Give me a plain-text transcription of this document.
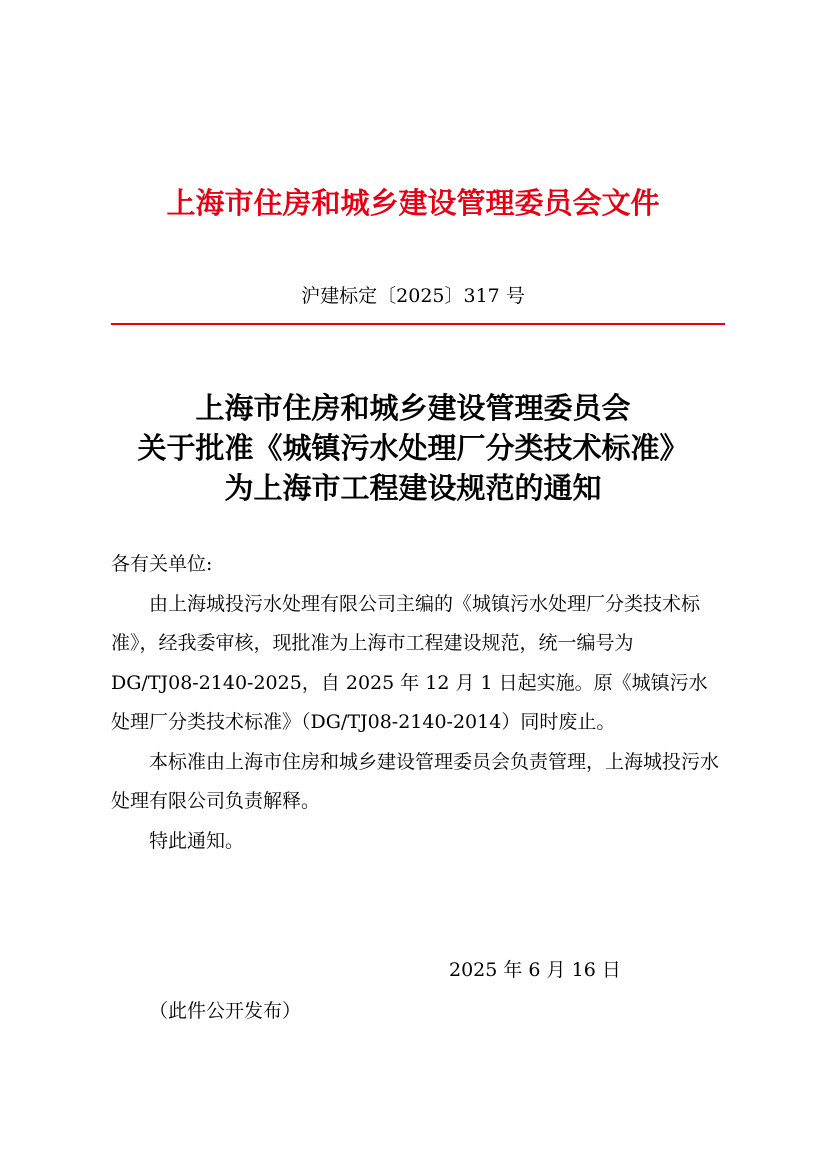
上海市住房和城乡建设管理委员会文件
沪建标定〔2025〕317 号
上海市住房和城乡建设管理委员会
关于批准《城镇污水处理厂分类技术标准》
为上海市工程建设规范的通知

各有关单位:

由上海城投污水处理有限公司主编的《城镇污水处理厂分类技术标准》，经我委审核，现批准为上海市工程建设规范，统一编号为 DG/TJ08-2140-2025，自 2025 年 12 月 1 日起实施。原《城镇污水处理厂分类技术标准》（DG/TJ08-2140-2014）同时废止。

本标准由上海市住房和城乡建设管理委员会负责管理，上海城投污水处理有限公司负责解释。

特此通知。

2025 年 6 月 16 日
（此件公开发布）
